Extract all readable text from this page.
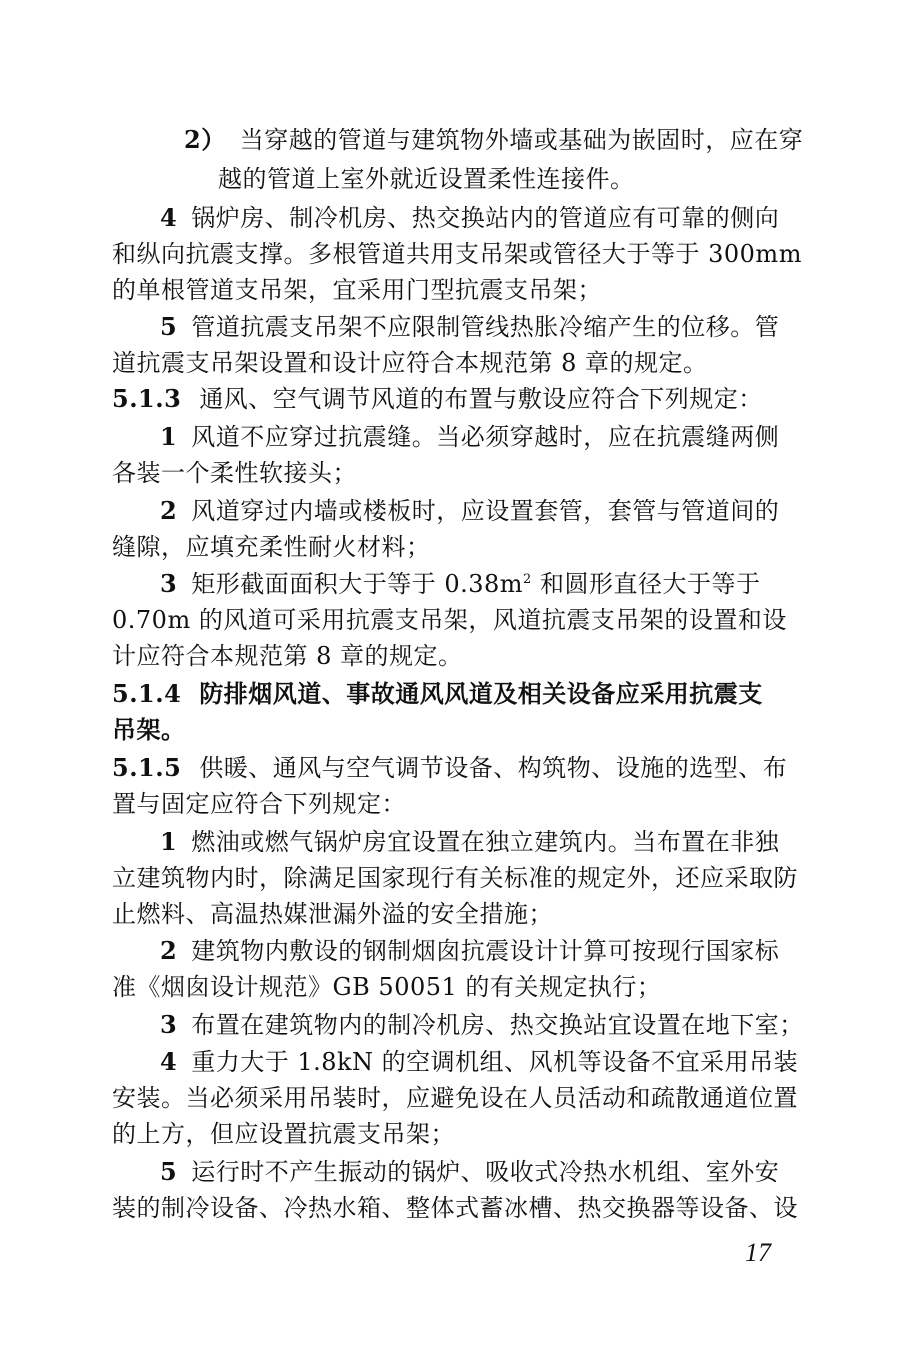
2） 当穿越的管道与建筑物外墙或基础为嵌固时，应在穿
越的管道上室外就近设置柔性连接件。
4 锅炉房、制冷机房、热交换站内的管道应有可靠的侧向
和纵向抗震支撑。多根管道共用支吊架或管径大于等于 300mm
的单根管道支吊架，宜采用门型抗震支吊架；
5 管道抗震支吊架不应限制管线热胀冷缩产生的位移。管
道抗震支吊架设置和设计应符合本规范第 8 章的规定。
5.1.3 通风、空气调节风道的布置与敷设应符合下列规定：
1 风道不应穿过抗震缝。当必须穿越时，应在抗震缝两侧
各装一个柔性软接头；
2 风道穿过内墙或楼板时，应设置套管，套管与管道间的
缝隙，应填充柔性耐火材料；
3 矩形截面面积大于等于 $0.38m^2$ 和圆形直径大于等于
0.70m 的风道可采用抗震支吊架，风道抗震支吊架的设置和设
计应符合本规范第 8 章的规定。
5.1.4 防排烟风道、事故通风风道及相关设备应采用抗震支
吊架。
5.1.5 供暖、通风与空气调节设备、构筑物、设施的选型、布
置与固定应符合下列规定：
1 燃油或燃气锅炉房宜设置在独立建筑内。当布置在非独
立建筑物内时，除满足国家现行有关标准的规定外，还应采取防
止燃料、高温热媒泄漏外溢的安全措施；
2 建筑物内敷设的钢制烟囱抗震设计计算可按现行国家标
准《烟囱设计规范》GB 50051 的有关规定执行；
3 布置在建筑物内的制冷机房、热交换站宜设置在地下室；
4 重力大于 1.8kN 的空调机组、风机等设备不宜采用吊装
安装。当必须采用吊装时，应避免设在人员活动和疏散通道位置
的上方，但应设置抗震支吊架；
5 运行时不产生振动的锅炉、吸收式冷热水机组、室外安
装的制冷设备、冷热水箱、整体式蓄冰槽、热交换器等设备、设
17
